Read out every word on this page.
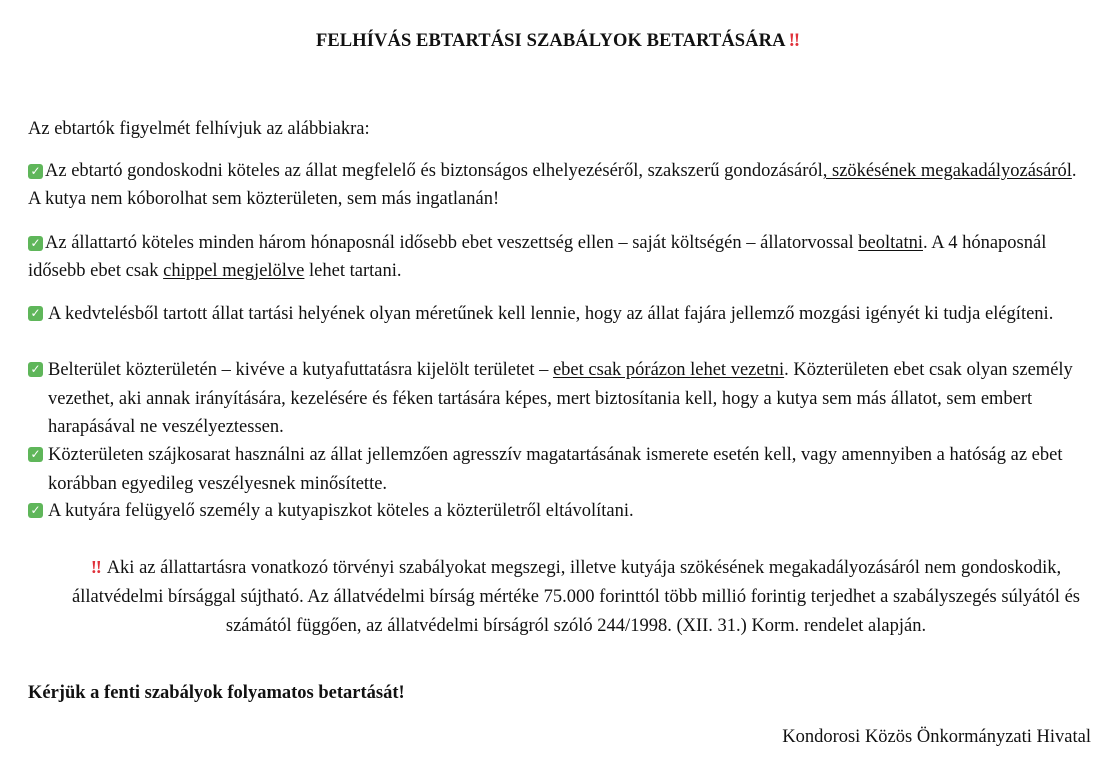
FELHÍVÁS EBTARTÁSI SZABÁLYOK BETARTÁSÁRA ‼
Az ebtartók figyelmét felhívjuk az alábbiakra:
✓ Az ebtartó gondoskodni köteles az állat megfelelő és biztonságos elhelyezéséről, szakszerű gondozásáról, szökésének megakadályozásáról. A kutya nem kóborolhat sem közterületen, sem más ingatlanán!
✓ Az állattartó köteles minden három hónaposnál idősebb ebet veszettség ellen – saját költségén – állatorvossal beoltatni. A 4 hónaposnál idősebb ebet csak chippel megjelölve lehet tartani.
✓ A kedvtelésből tartott állat tartási helyének olyan méretűnek kell lennie, hogy az állat fajára jellemző mozgási igényét ki tudja elégíteni.
✓ Belterület közterületén – kivéve a kutyafuttatásra kijelölt területet – ebet csak pórázon lehet vezetni. Közterületen ebet csak olyan személy vezethet, aki annak irányítására, kezelésére és féken tartására képes, mert biztosítania kell, hogy a kutya sem más állatot, sem embert harapásával ne veszélyeztessen.
✓ Közterületen szájkosarat használni az állat jellemzően agresszív magatartásának ismerete esetén kell, vagy amennyiben a hatóság az ebet korábban egyedileg veszélyesnek minősítette.
✓ A kutyára felügyelő személy a kutyapiszkot köteles a közterületről eltávolítani.
‼ Aki az állattartásra vonatkozó törvényi szabályokat megszegi, illetve kutyája szökésének megakadályozásáról nem gondoskodik, állatvédelmi bírsággal sújtható. Az állatvédelmi bírság mértéke 75.000 forinttól több millió forintig terjedhet a szabályszegés súlyától és számától függően, az állatvédelmi bírságról szóló 244/1998. (XII. 31.) Korm. rendelet alapján.
Kérjük a fenti szabályok folyamatos betartását!
Kondorosi Közös Önkormányzati Hivatal
